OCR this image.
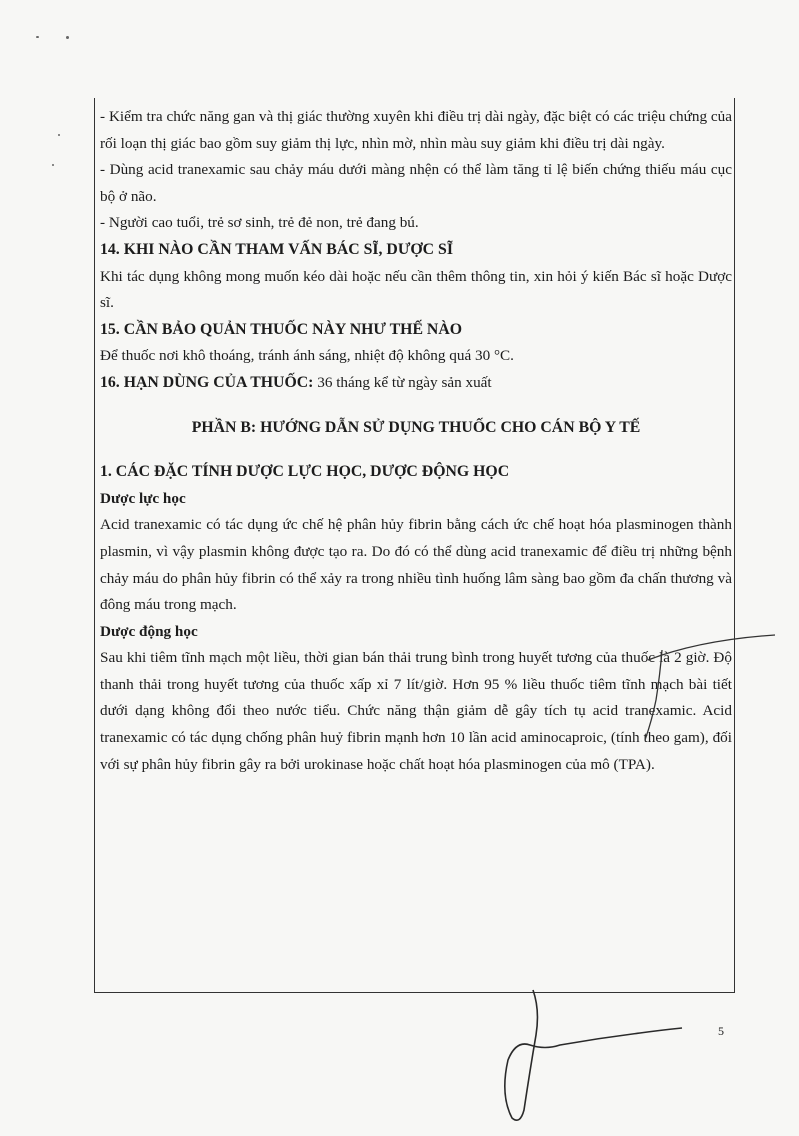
- Kiểm tra chức năng gan và thị giác thường xuyên khi điều trị dài ngày, đặc biệt có các triệu chứng của rối loạn thị giác bao gồm suy giảm thị lực, nhìn mờ, nhìn màu suy giảm khi điều trị dài ngày.

- Dùng acid tranexamic sau chảy máu dưới màng nhện có thể làm tăng tỉ lệ biến chứng thiếu máu cục bộ ở não.

- Người cao tuổi, trẻ sơ sinh, trẻ đẻ non, trẻ đang bú.

14. KHI NÀO CẦN THAM VẤN BÁC SĨ, DƯỢC SĨ

Khi tác dụng không mong muốn kéo dài hoặc nếu cần thêm thông tin, xin hỏi ý kiến Bác sĩ hoặc Dược sĩ.

15. CẦN BẢO QUẢN THUỐC NÀY NHƯ THẾ NÀO

Để thuốc nơi khô thoáng, tránh ánh sáng, nhiệt độ không quá 30 °C.

16. HẠN DÙNG CỦA THUỐC: 36 tháng kể từ ngày sản xuất

PHẦN B: HƯỚNG DẪN SỬ DỤNG THUỐC CHO CÁN BỘ Y TẾ

1. CÁC ĐẶC TÍNH DƯỢC LỰC HỌC, DƯỢC ĐỘNG HỌC

Dược lực học

Acid tranexamic có tác dụng ức chế hệ phân hủy fibrin bằng cách ức chế hoạt hóa plasminogen thành plasmin, vì vậy plasmin không được tạo ra. Do đó có thể dùng acid tranexamic để điều trị những bệnh chảy máu do phân hủy fibrin có thể xảy ra trong nhiều tình huống lâm sàng bao gồm đa chấn thương và đông máu trong mạch.

Dược động học

Sau khi tiêm tĩnh mạch một liều, thời gian bán thải trung bình trong huyết tương của thuốc là 2 giờ. Độ thanh thải trong huyết tương của thuốc xấp xỉ 7 lít/giờ. Hơn 95 % liều thuốc tiêm tĩnh mạch bài tiết dưới dạng không đổi theo nước tiểu. Chức năng thận giảm dễ gây tích tụ acid tranexamic. Acid tranexamic có tác dụng chống phân huỷ fibrin mạnh hơn 10 lần acid aminocaproic, (tính theo gam), đối với sự phân hủy fibrin gây ra bởi urokinase hoặc chất hoạt hóa plasminogen của mô (TPA).

5
